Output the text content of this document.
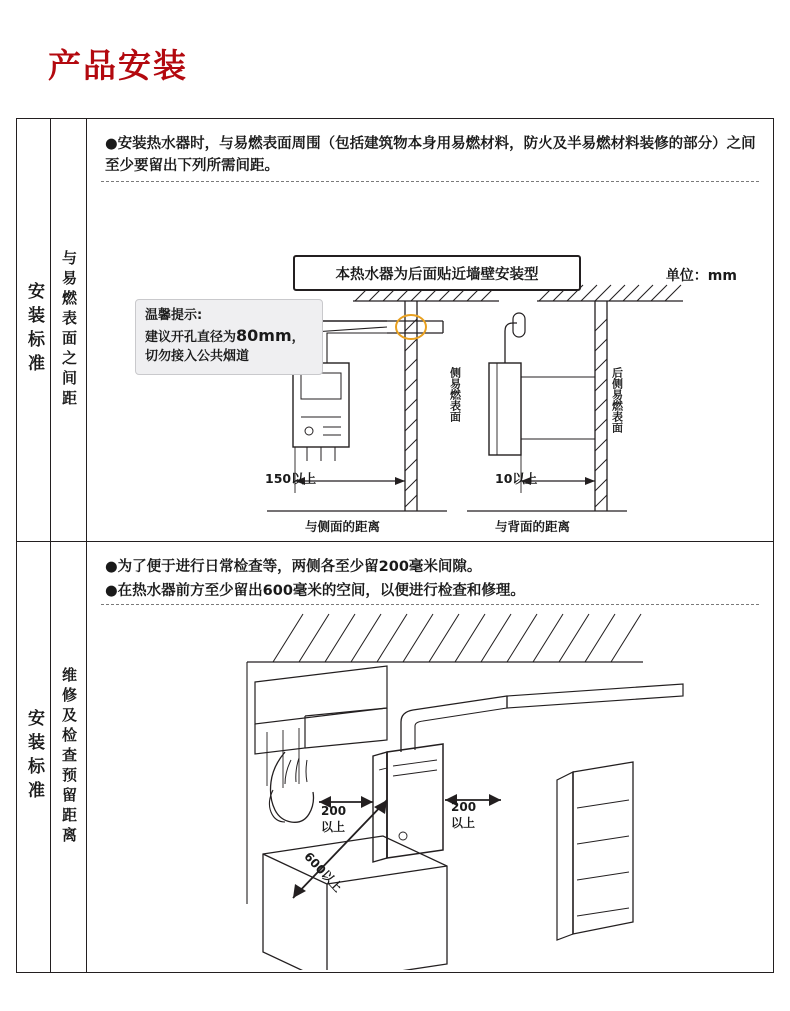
产品安装
安装标准 与易燃表面之间距

●安装热水器时，与易燃表面周围（包括建筑物本身用易燃材料，防火及半易燃材料装修的部分）之间至少要留出下列所需间距。

单位：mm
本热水器为后面贴近墙壁安装型
温馨提示:
建议开孔直径为80mm，
切勿接入公共烟道
侧易燃表面	后侧易燃表面
150以上	10以上
与侧面的距离	与背面的距离
安装标准 维修及检查预留距离

●为了便于进行日常检查等，两侧各至少留200毫米间隙。

●在热水器前方至少留出600毫米的空间，以便进行检查和修理。

200
以上
200
以上
600以上
